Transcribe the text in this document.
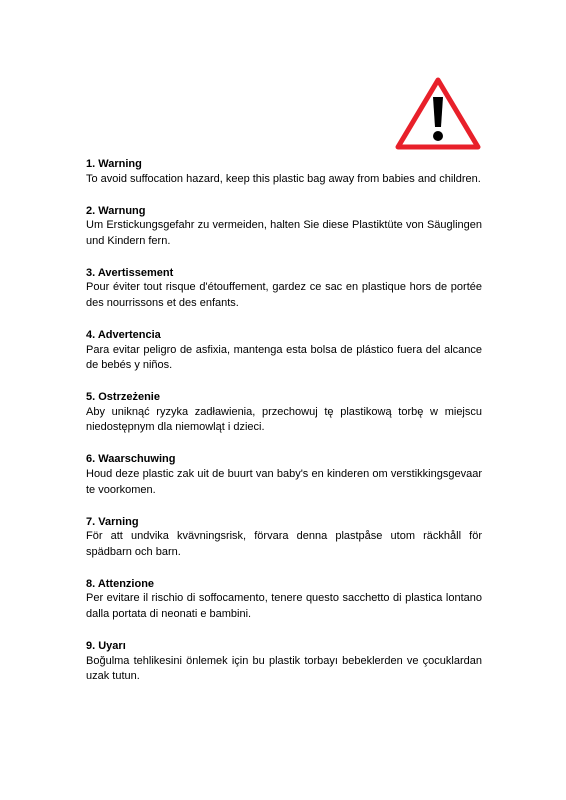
1. Warning

To avoid suffocation hazard, keep this plastic bag away from babies and children.

2. Warnung

Um Erstickungsgefahr zu vermeiden, halten Sie diese Plastiktüte von Säuglingen und Kindern fern.

3. Avertissement

Pour éviter tout risque d'étouffement, gardez ce sac en plastique hors de portée des nourrissons et des enfants.

4. Advertencia

Para evitar peligro de asfixia, mantenga esta bolsa de plástico fuera del alcance de bebés y niños.

5. Ostrzeżenie

Aby uniknąć ryzyka zadławienia, przechowuj tę plastikową torbę w miejscu niedostępnym dla niemowląt i dzieci.

6. Waarschuwing

Houd deze plastic zak uit de buurt van baby's en kinderen om verstikkingsgevaar te voorkomen.

7. Varning

För att undvika kvävningsrisk, förvara denna plastpåse utom räckhåll för spädbarn och barn.

8. Attenzione

Per evitare il rischio di soffocamento, tenere questo sacchetto di plastica lontano dalla portata di neonati e bambini.

9. Uyarı

Boğulma tehlikesini önlemek için bu plastik torbayı bebeklerden ve çocuklardan uzak tutun.
